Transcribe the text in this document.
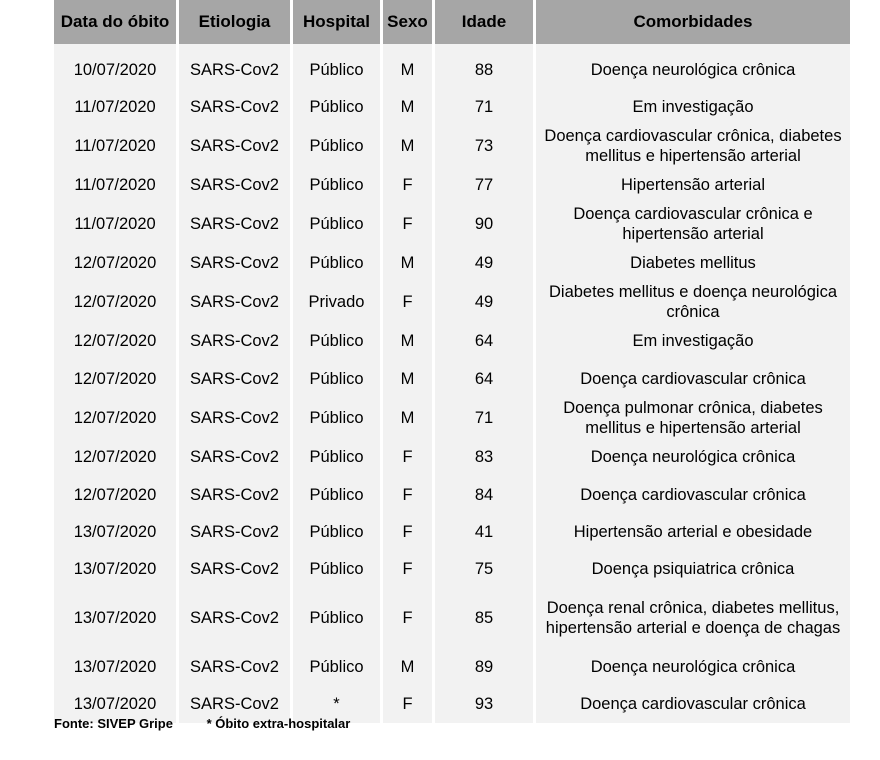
Data do óbito	Etiologia	Hospital	Sexo	Idade	Comorbidades
10/07/2020	SARS-Cov2	Público	M	88	Doença neurológica crônica
11/07/2020	SARS-Cov2	Público	M	71	Em investigação
11/07/2020	SARS-Cov2	Público	M	73	Doença cardiovascular crônica, diabetes mellitus e hipertensão arterial
11/07/2020	SARS-Cov2	Público	F	77	Hipertensão arterial
11/07/2020	SARS-Cov2	Público	F	90	Doença cardiovascular crônica e hipertensão arterial
12/07/2020	SARS-Cov2	Público	M	49	Diabetes mellitus
12/07/2020	SARS-Cov2	Privado	F	49	Diabetes mellitus e doença neurológica crônica
12/07/2020	SARS-Cov2	Público	M	64	Em investigação
12/07/2020	SARS-Cov2	Público	M	64	Doença cardiovascular crônica
12/07/2020	SARS-Cov2	Público	M	71	Doença pulmonar crônica, diabetes mellitus e hipertensão arterial
12/07/2020	SARS-Cov2	Público	F	83	Doença neurológica crônica
12/07/2020	SARS-Cov2	Público	F	84	Doença cardiovascular crônica
13/07/2020	SARS-Cov2	Público	F	41	Hipertensão arterial e obesidade
13/07/2020	SARS-Cov2	Público	F	75	Doença psiquiatrica crônica
13/07/2020	SARS-Cov2	Público	F	85	Doença renal crônica, diabetes mellitus, hipertensão arterial e doença de chagas
13/07/2020	SARS-Cov2	Público	M	89	Doença neurológica crônica
13/07/2020	SARS-Cov2	*	F	93	Doença cardiovascular crônica
Fonte: SIVEP Gripe	* Óbito extra-hospitalar
